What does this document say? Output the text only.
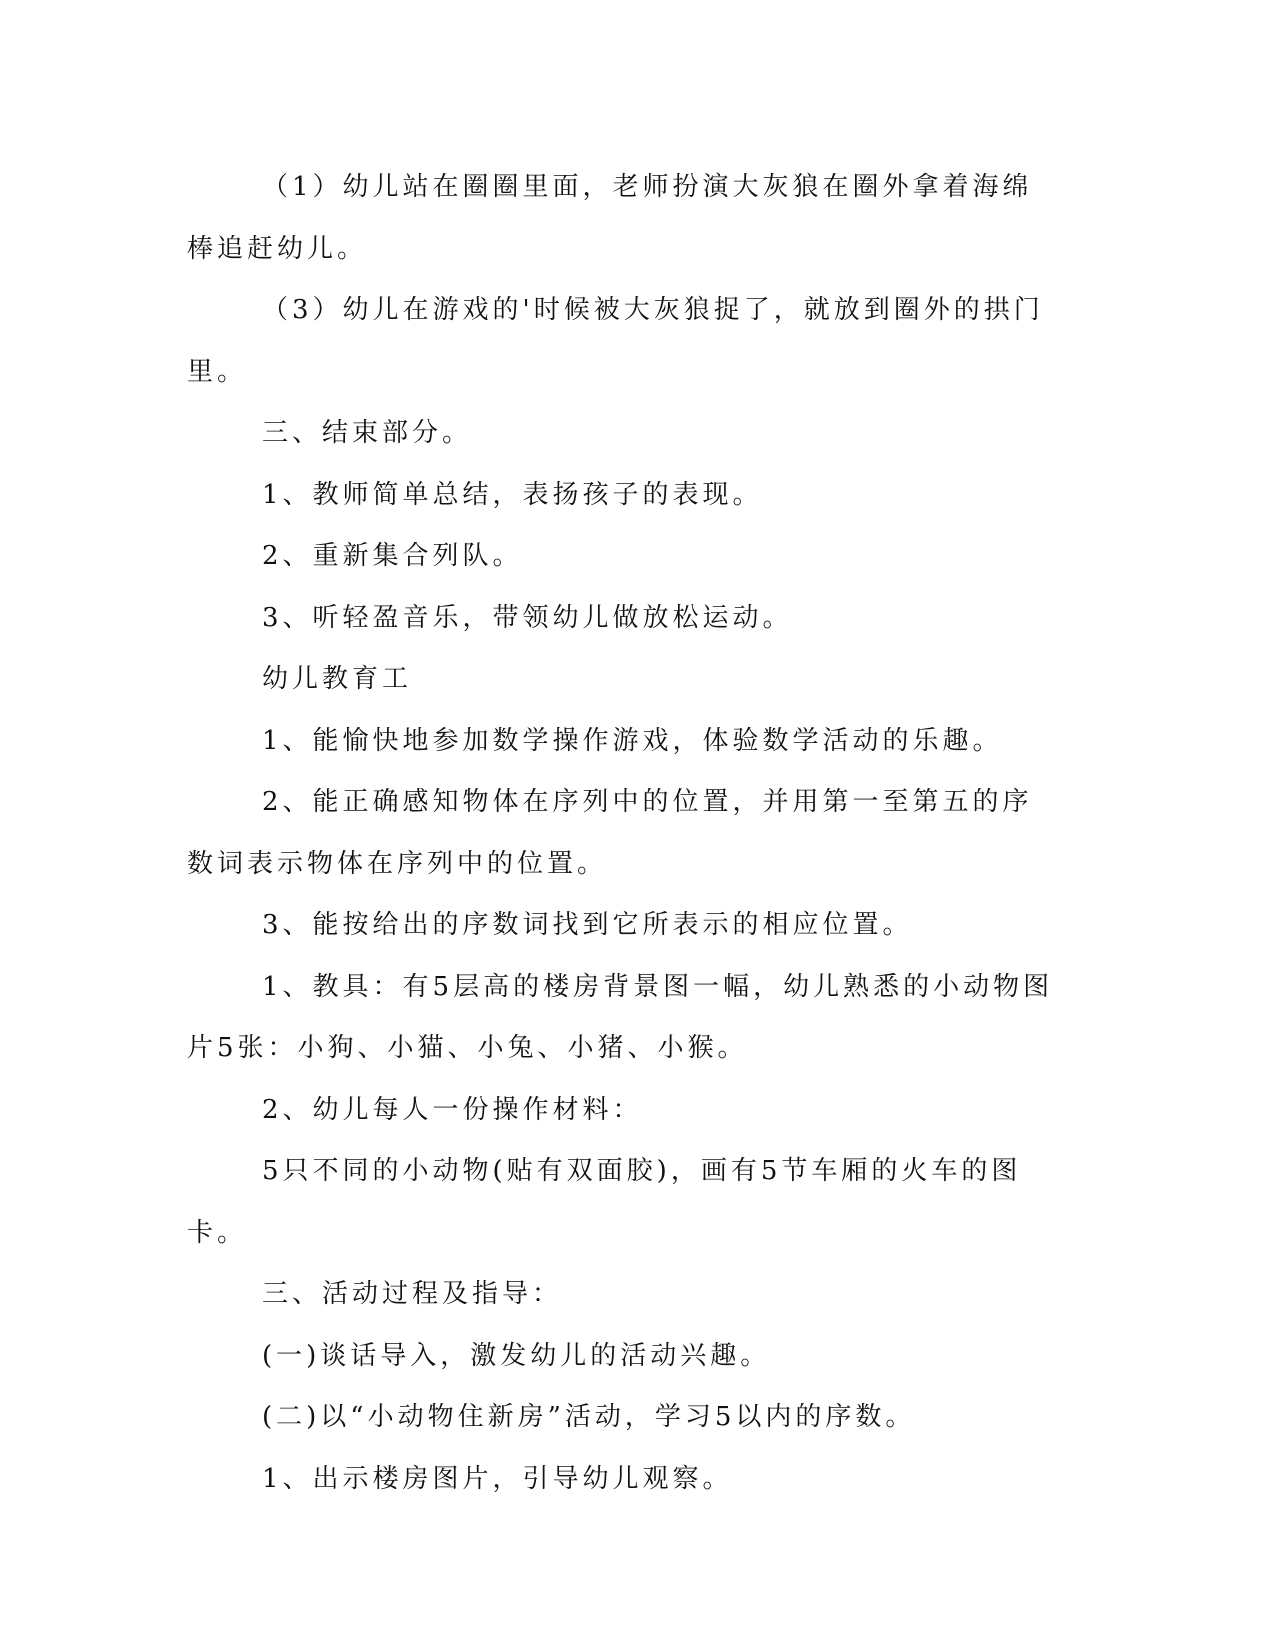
（1）幼儿站在圈圈里面，老师扮演大灰狼在圈外拿着海绵棒追赶幼儿。

（3）幼儿在游戏的'时候被大灰狼捉了，就放到圈外的拱门里。

三、结束部分。

1、教师简单总结，表扬孩子的表现。

2、重新集合列队。

3、听轻盈音乐，带领幼儿做放松运动。

幼儿教育工

1、能愉快地参加数学操作游戏，体验数学活动的乐趣。

2、能正确感知物体在序列中的位置，并用第一至第五的序数词表示物体在序列中的位置。

3、能按给出的序数词找到它所表示的相应位置。

1、教具：有5层高的楼房背景图一幅，幼儿熟悉的小动物图片5张：小狗、小猫、小兔、小猪、小猴。

2、幼儿每人一份操作材料：

5只不同的小动物(贴有双面胶)，画有5节车厢的火车的图卡。

三、活动过程及指导：

(一)谈话导入，激发幼儿的活动兴趣。

(二)以“小动物住新房”活动，学习5以内的序数。

1、出示楼房图片，引导幼儿观察。
